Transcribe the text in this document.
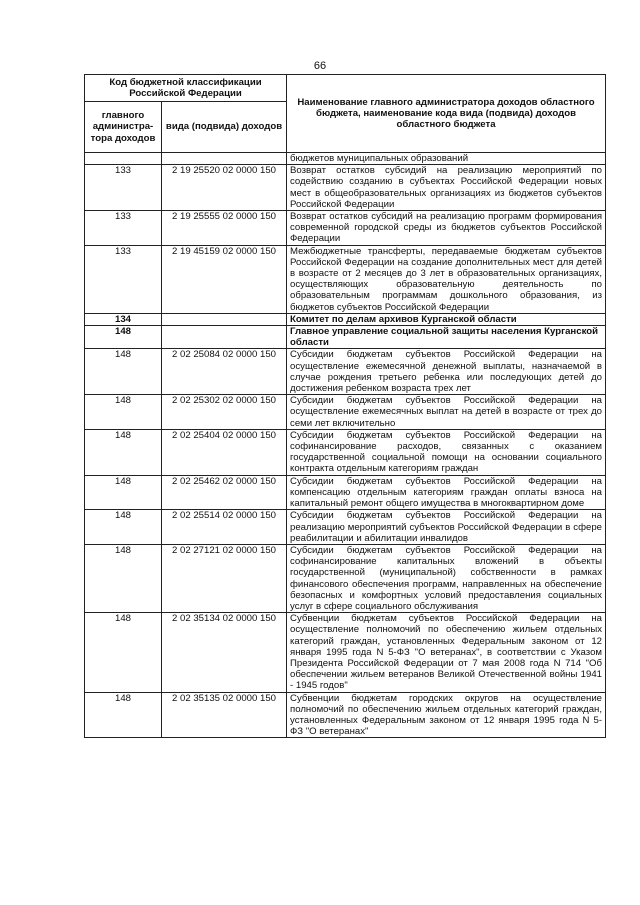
66
Код бюджетной классификации Российской Федерации		Наименование главного администратора доходов областного бюджета, наименование кода вида (подвида) доходов областного бюджета
главного администра-тора доходов	вида (подвида) доходов	
		бюджетов муниципальных образований
133	2 19 25520 02 0000 150	Возврат остатков субсидий на реализацию мероприятий по содействию созданию в субъектах Российской Федерации новых мест в общеобразовательных организациях из бюджетов субъектов Российской Федерации
133	2 19 25555 02 0000 150	Возврат остатков субсидий на реализацию программ формирования современной городской среды из бюджетов субъектов Российской Федерации
133	2 19 45159 02 0000 150	Межбюджетные трансферты, передаваемые бюджетам субъектов Российской Федерации на создание дополнительных мест для детей в возрасте от 2 месяцев до 3 лет в образовательных организациях, осуществляющих образовательную деятельность по образовательным программам дошкольного образования, из бюджетов субъектов Российской Федерации
134		Комитет по делам архивов Курганской области
148		Главное управление социальной защиты населения Курганской области
148	2 02 25084 02 0000 150	Субсидии бюджетам субъектов Российской Федерации на осуществление ежемесячной денежной выплаты, назначаемой в случае рождения третьего ребенка или последующих детей до достижения ребенком возраста трех лет
148	2 02 25302 02 0000 150	Субсидии бюджетам субъектов Российской Федерации на осуществление ежемесячных выплат на детей в возрасте от трех до семи лет включительно
148	2 02 25404 02 0000 150	Субсидии бюджетам субъектов Российской Федерации на софинансирование расходов, связанных с оказанием государственной социальной помощи на основании социального контракта отдельным категориям граждан
148	2 02 25462 02 0000 150	Субсидии бюджетам субъектов Российской Федерации на компенсацию отдельным категориям граждан оплаты взноса на капитальный ремонт общего имущества в многоквартирном доме
148	2 02 25514 02 0000 150	Субсидии бюджетам субъектов Российской Федерации на реализацию мероприятий субъектов Российской Федерации в сфере реабилитации и абилитации инвалидов
148	2 02 27121 02 0000 150	Субсидии бюджетам субъектов Российской Федерации на софинансирование капитальных вложений в объекты государственной (муниципальной) собственности в рамках финансового обеспечения программ, направленных на обеспечение безопасных и комфортных условий предоставления социальных услуг в сфере социального обслуживания
148	2 02 35134 02 0000 150	Субвенции бюджетам субъектов Российской Федерации на осуществление полномочий по обеспечению жильем отдельных категорий граждан, установленных Федеральным законом от 12 января 1995 года N 5-ФЗ "О ветеранах", в соответствии с Указом Президента Российской Федерации от 7 мая 2008 года N 714 "Об обеспечении жильем ветеранов Великой Отечественной войны 1941 - 1945 годов"
148	2 02 35135 02 0000 150	Субвенции бюджетам городских округов на осуществление полномочий по обеспечению жильем отдельных категорий граждан, установленных Федеральным законом от 12 января 1995 года N 5-ФЗ "О ветеранах"
